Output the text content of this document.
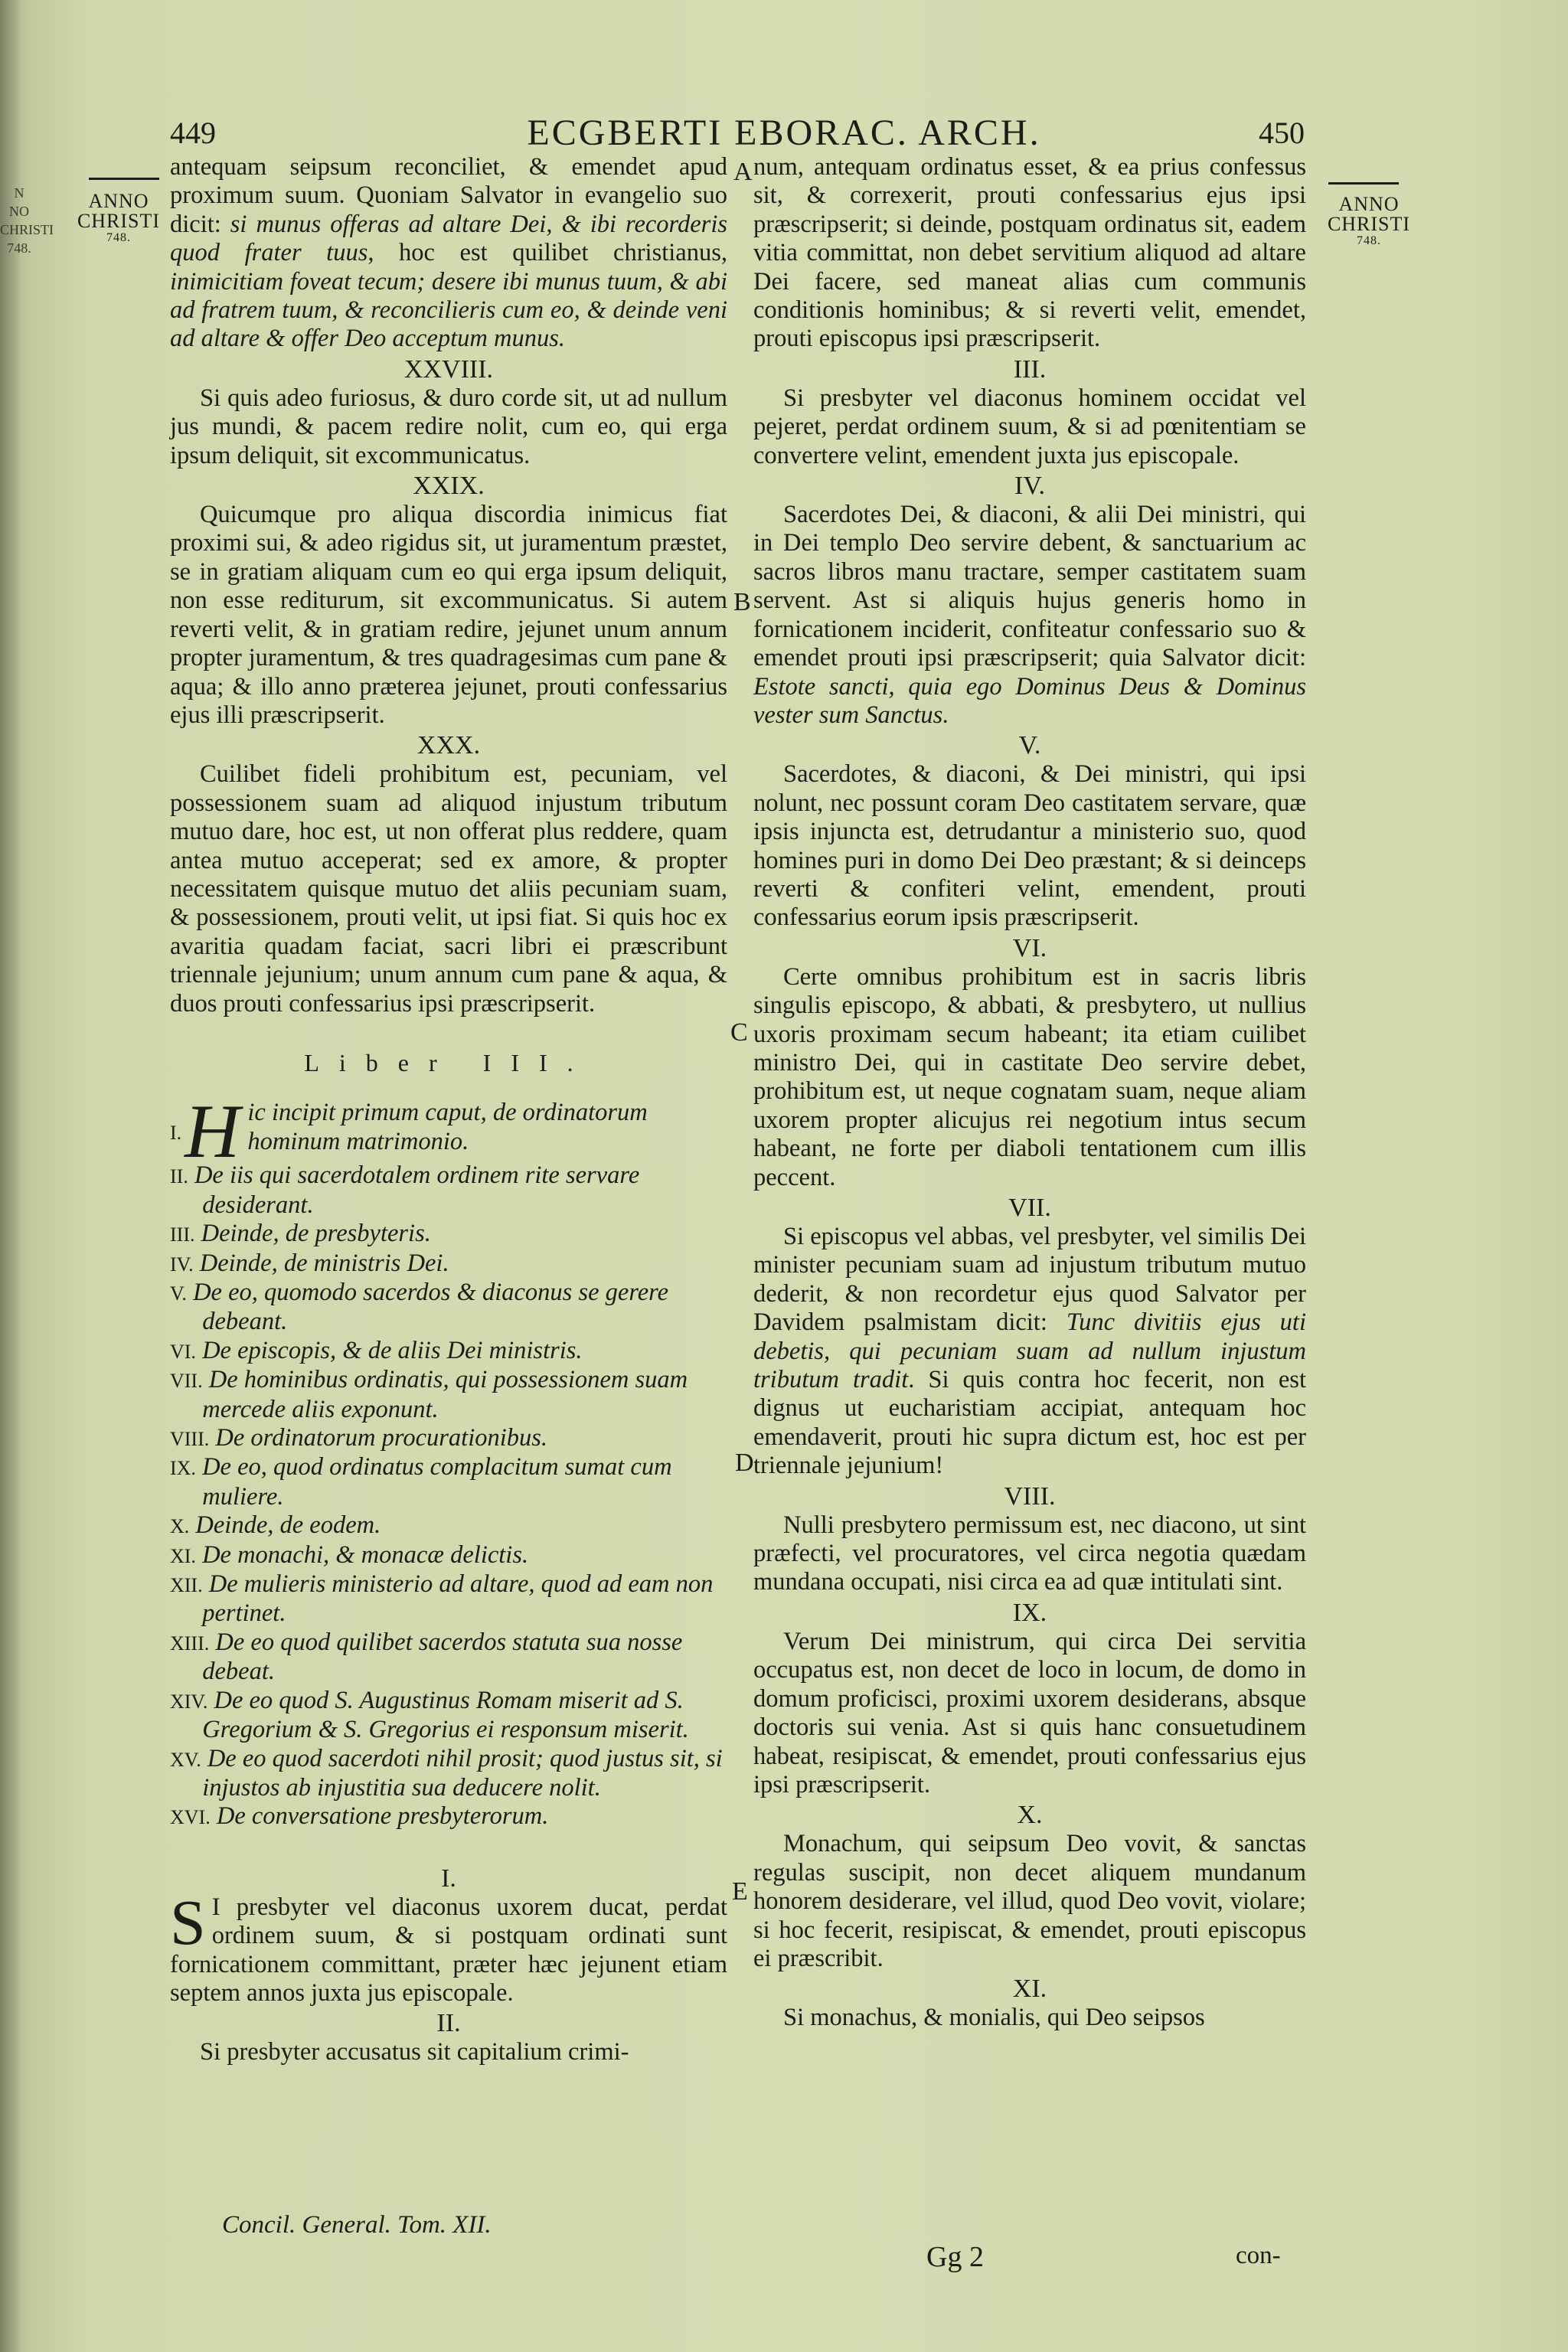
N
NO
CHRISTI
748.
449	ECGBERTI EBORAC. ARCH.	450
ANNO
CHRISTI
748.
ANNO
CHRISTI
748.
A
B
C
D
E

antequam seipsum reconciliet, & emendet apud proximum suum. Quoniam Salvator in evangelio suo dicit: si munus offeras ad altare Dei, & ibi recorderis quod frater tuus, hoc est quilibet christianus, inimicitiam foveat tecum; desere ibi munus tuum, & abi ad fratrem tuum, & reconcilieris cum eo, & deinde veni ad altare & offer Deo acceptum munus.

XXVIII.

Si quis adeo furiosus, & duro corde sit, ut ad nullum jus mundi, & pacem redire nolit, cum eo, qui erga ipsum deliquit, sit excommunicatus.

XXIX.

Quicumque pro aliqua discordia inimicus fiat proximi sui, & adeo rigidus sit, ut juramentum præstet, se in gratiam aliquam cum eo qui erga ipsum deliquit, non esse rediturum, sit excommunicatus. Si autem reverti velit, & in gratiam redire, jejunet unum annum propter juramentum, & tres quadragesimas cum pane & aqua; & illo anno præterea jejunet, prouti confessarius ejus illi præscripserit.

XXX.

Cuilibet fideli prohibitum est, pecuniam, vel possessionem suam ad aliquod injustum tributum mutuo dare, hoc est, ut non offerat plus reddere, quam antea mutuo acceperat; sed ex amore, & propter necessitatem quisque mutuo det aliis pecuniam suam, & possessionem, prouti velit, ut ipsi fiat. Si quis hoc ex avaritia quadam faciat, sacri libri ei præscribunt triennale jejunium; unum annum cum pane & aqua, & duos prouti confessarius ipsi præscripserit.

Liber III.
I. H ic incipit primum caput, de ordinatorum hominum matrimonio.
II. De iis qui sacerdotalem ordinem rite servare desiderant.
III. Deinde, de presbyteris.
IV. Deinde, de ministris Dei.
V. De eo, quomodo sacerdos & diaconus se gerere debeant.
VI. De episcopis, & de aliis Dei ministris.
VII. De hominibus ordinatis, qui possessionem suam mercede aliis exponunt.
VIII. De ordinatorum procurationibus.
IX. De eo, quod ordinatus complacitum sumat cum muliere.
X. Deinde, de eodem.
XI. De monachi, & monacæ delictis.
XII. De mulieris ministerio ad altare, quod ad eam non pertinet.
XIII. De eo quod quilibet sacerdos statuta sua nosse debeat.
XIV. De eo quod S. Augustinus Romam miserit ad S. Gregorium & S. Gregorius ei responsum miserit.
XV. De eo quod sacerdoti nihil prosit; quod justus sit, si injustos ab injustitia sua deducere nolit.
XVI. De conversatione presbyterorum.
I.

S I presbyter vel diaconus uxorem ducat, perdat ordinem suum, & si postquam ordinati sunt fornicationem committant, præter hæc jejunent etiam septem annos juxta jus episcopale.

II.

Si presbyter accusatus sit capitalium crimi-

Concil. General. Tom. XII.

num, antequam ordinatus esset, & ea prius confessus sit, & correxerit, prouti confessarius ejus ipsi præscripserit; si deinde, postquam ordinatus sit, eadem vitia committat, non debet servitium aliquod ad altare Dei facere, sed maneat alias cum communis conditionis hominibus; & si reverti velit, emendet, prouti episcopus ipsi præscripserit.

III.

Si presbyter vel diaconus hominem occidat vel pejeret, perdat ordinem suum, & si ad pœnitentiam se convertere velint, emendent juxta jus episcopale.

IV.

Sacerdotes Dei, & diaconi, & alii Dei ministri, qui in Dei templo Deo servire debent, & sanctuarium ac sacros libros manu tractare, semper castitatem suam servent. Ast si aliquis hujus generis homo in fornicationem inciderit, confiteatur confessario suo & emendet prouti ipsi præscripserit; quia Salvator dicit: Estote sancti, quia ego Dominus Deus & Dominus vester sum Sanctus.

V.

Sacerdotes, & diaconi, & Dei ministri, qui ipsi nolunt, nec possunt coram Deo castitatem servare, quæ ipsis injuncta est, detrudantur a ministerio suo, quod homines puri in domo Dei Deo præstant; & si deinceps reverti & confiteri velint, emendent, prouti confessarius eorum ipsis præscripserit.

VI.

Certe omnibus prohibitum est in sacris libris singulis episcopo, & abbati, & presbytero, ut nullius uxoris proximam secum habeant; ita etiam cuilibet ministro Dei, qui in castitate Deo servire debet, prohibitum est, ut neque cognatam suam, neque aliam uxorem propter alicujus rei negotium intus secum habeant, ne forte per diaboli tentationem cum illis peccent.

VII.

Si episcopus vel abbas, vel presbyter, vel similis Dei minister pecuniam suam ad injustum tributum mutuo dederit, & non recordetur ejus quod Salvator per Davidem psalmistam dicit: Tunc divitiis ejus uti debetis, qui pecuniam suam ad nullum injustum tributum tradit. Si quis contra hoc fecerit, non est dignus ut eucharistiam accipiat, antequam hoc emendaverit, prouti hic supra dictum est, hoc est per triennale jejunium!

VIII.

Nulli presbytero permissum est, nec diacono, ut sint præfecti, vel procuratores, vel circa negotia quædam mundana occupati, nisi circa ea ad quæ intitulati sint.

IX.

Verum Dei ministrum, qui circa Dei servitia occupatus est, non decet de loco in locum, de domo in domum proficisci, proximi uxorem desiderans, absque doctoris sui venia. Ast si quis hanc consuetudinem habeat, resipiscat, & emendet, prouti confessarius ejus ipsi præscripserit.

X.

Monachum, qui seipsum Deo vovit, & sanctas regulas suscipit, non decet aliquem mundanum honorem desiderare, vel illud, quod Deo vovit, violare; si hoc fecerit, resipiscat, & emendet, prouti episcopus ei præscribit.

XI.

Si monachus, & monialis, qui Deo seipsos

Gg 2	con-
